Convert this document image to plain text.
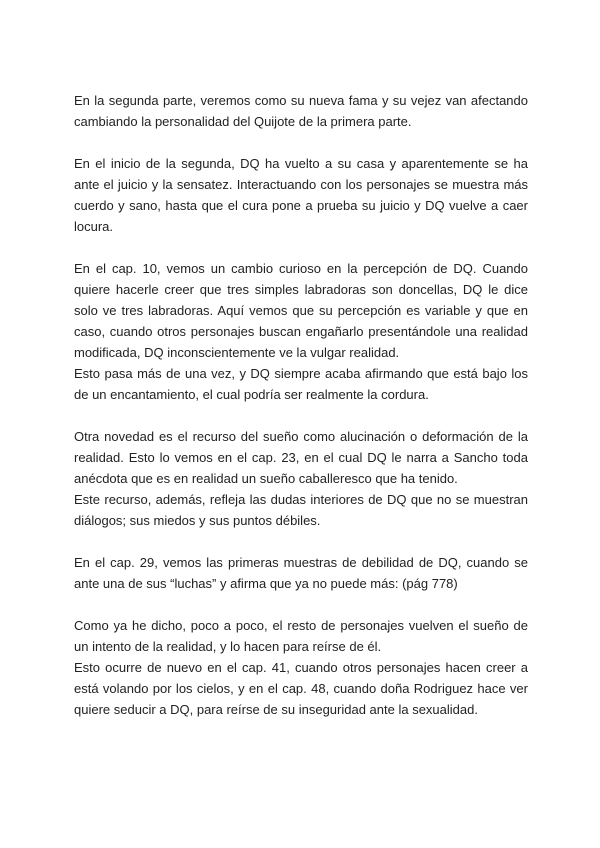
En la segunda parte, veremos como su nueva fama y su vejez van afectando
cambiando la personalidad del Quijote de la primera parte.
En el inicio de la segunda, DQ ha vuelto a su casa y aparentemente se ha
ante el juicio y la sensatez. Interactuando con los personajes se muestra más
cuerdo y sano, hasta que el cura pone a prueba su juicio y DQ vuelve a caer
locura.
En el cap. 10, vemos un cambio curioso en la percepción de DQ. Cuando
quiere hacerle creer que tres simples labradoras son doncellas, DQ le dice
solo ve tres labradoras. Aquí vemos que su percepción es variable y que en
caso, cuando otros personajes buscan engañarlo presentándole una realidad
modificada, DQ inconscientemente ve la vulgar realidad.
Esto pasa más de una vez, y DQ siempre acaba afirmando que está bajo los
de un encantamiento, el cual podría ser realmente la cordura.
Otra novedad es el recurso del sueño como alucinación o deformación de la
realidad. Esto lo vemos en el cap. 23, en el cual DQ le narra a Sancho toda
anécdota que es en realidad un sueño caballeresco que ha tenido.
Este recurso, además, refleja las dudas interiores de DQ que no se muestran
diálogos; sus miedos y sus puntos débiles.
En el cap. 29, vemos las primeras muestras de debilidad de DQ, cuando se
ante una de sus “luchas” y afirma que ya no puede más: (pág 778)
Como ya he dicho, poco a poco, el resto de personajes vuelven el sueño de
un intento de la realidad, y lo hacen para reírse de él.
Esto ocurre de nuevo en el cap. 41, cuando otros personajes hacen creer a
está volando por los cielos, y en el cap. 48, cuando doña Rodriguez hace ver
quiere seducir a DQ, para reírse de su inseguridad ante la sexualidad.
